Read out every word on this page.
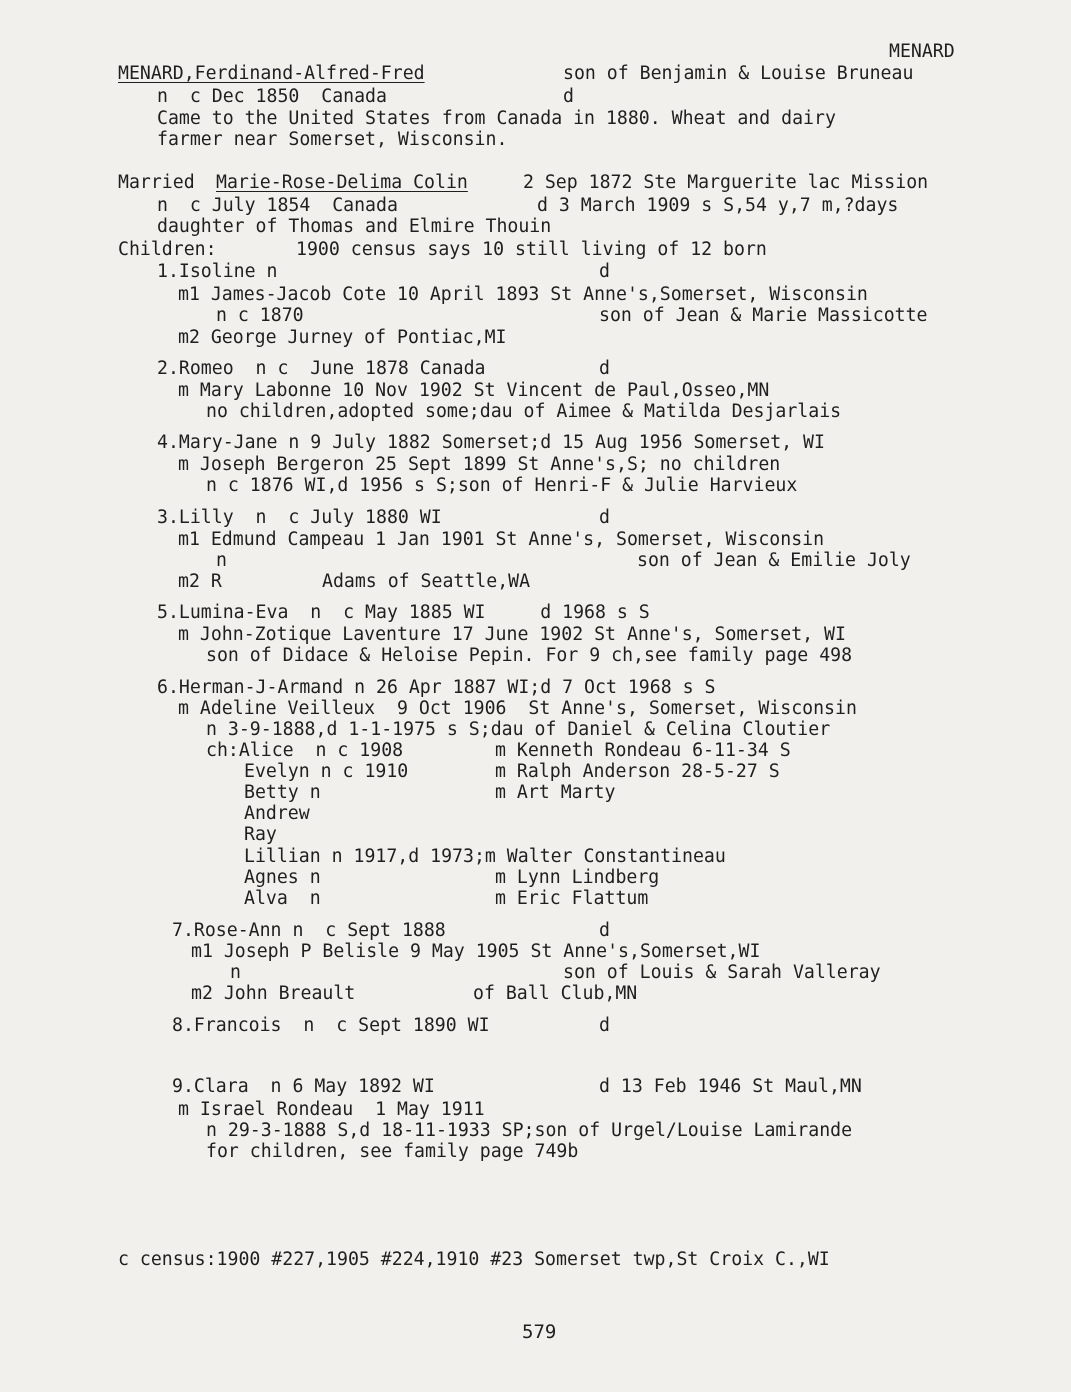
MENARD
MENARD,Ferdinand-Alfred-Fred	son of Benjamin & Louise Bruneau
n  c Dec 1850  Canada	d
Came to the United States from Canada in 1880. Wheat and dairy
farmer near Somerset, Wisconsin.
Married Marie-Rose-Delima Colin 2 Sep 1872 Ste Marguerite lac Mission
n  c July 1854  Canada	d 3 March 1909 s S,54 y,7 m,?days
daughter of Thomas and Elmire Thouin
Children:	1900 census says 10 still living of 12 born
1.Isoline n	d
m1 James-Jacob Cote 10 April 1893 St Anne's,Somerset, Wisconsin
n c 1870	son of Jean & Marie Massicotte
m2 George Jurney of Pontiac,MI
2.Romeo  n c  June 1878 Canada	d
m Mary Labonne 10 Nov 1902 St Vincent de Paul,Osseo,MN
no children,adopted some;dau of Aimee & Matilda Desjarlais
4.Mary-Jane n 9 July 1882 Somerset;d 15 Aug 1956 Somerset, WI
m Joseph Bergeron 25 Sept 1899 St Anne's,S; no children
n c 1876 WI,d 1956 s S;son of Henri-F & Julie Harvieux
3.Lilly  n  c July 1880 WI	d
m1 Edmund Campeau 1 Jan 1901 St Anne's, Somerset, Wisconsin
n	son of Jean & Emilie Joly
m2 R	Adams of Seattle,WA
5.Lumina-Eva  n  c May 1885 WI     d 1968 s S
m John-Zotique Laventure 17 June 1902 St Anne's, Somerset, WI
son of Didace & Heloise Pepin. For 9 ch,see family page 498
6.Herman-J-Armand n 26 Apr 1887 WI;d 7 Oct 1968 s S
m Adeline Veilleux  9 Oct 1906  St Anne's, Somerset, Wisconsin
n 3-9-1888,d 1-1-1975 s S;dau of Daniel & Celina Cloutier
ch:Alice  n c 1908	m Kenneth Rondeau 6-11-34 S
Evelyn n c 1910	m Ralph Anderson 28-5-27 S
Betty n	m Art Marty
Andrew
Ray
Lillian n 1917,d 1973;m Walter Constantineau
Agnes n	m Lynn Lindberg
Alva  n	m Eric Flattum
7.Rose-Ann n  c Sept 1888	d
m1 Joseph P Belisle 9 May 1905 St Anne's,Somerset,WI
n	son of Louis & Sarah Valleray
m2 John Breault	of Ball Club,MN
8.Francois  n  c Sept 1890 WI	d
9.Clara  n 6 May 1892 WI	d 13 Feb 1946 St Maul,MN
m Israel Rondeau  1 May 1911
n 29-3-1888 S,d 18-11-1933 SP;son of Urgel/Louise Lamirande
for children, see family page 749b
c census:1900 #227,1905 #224,1910 #23 Somerset twp,St Croix C.,WI

579
